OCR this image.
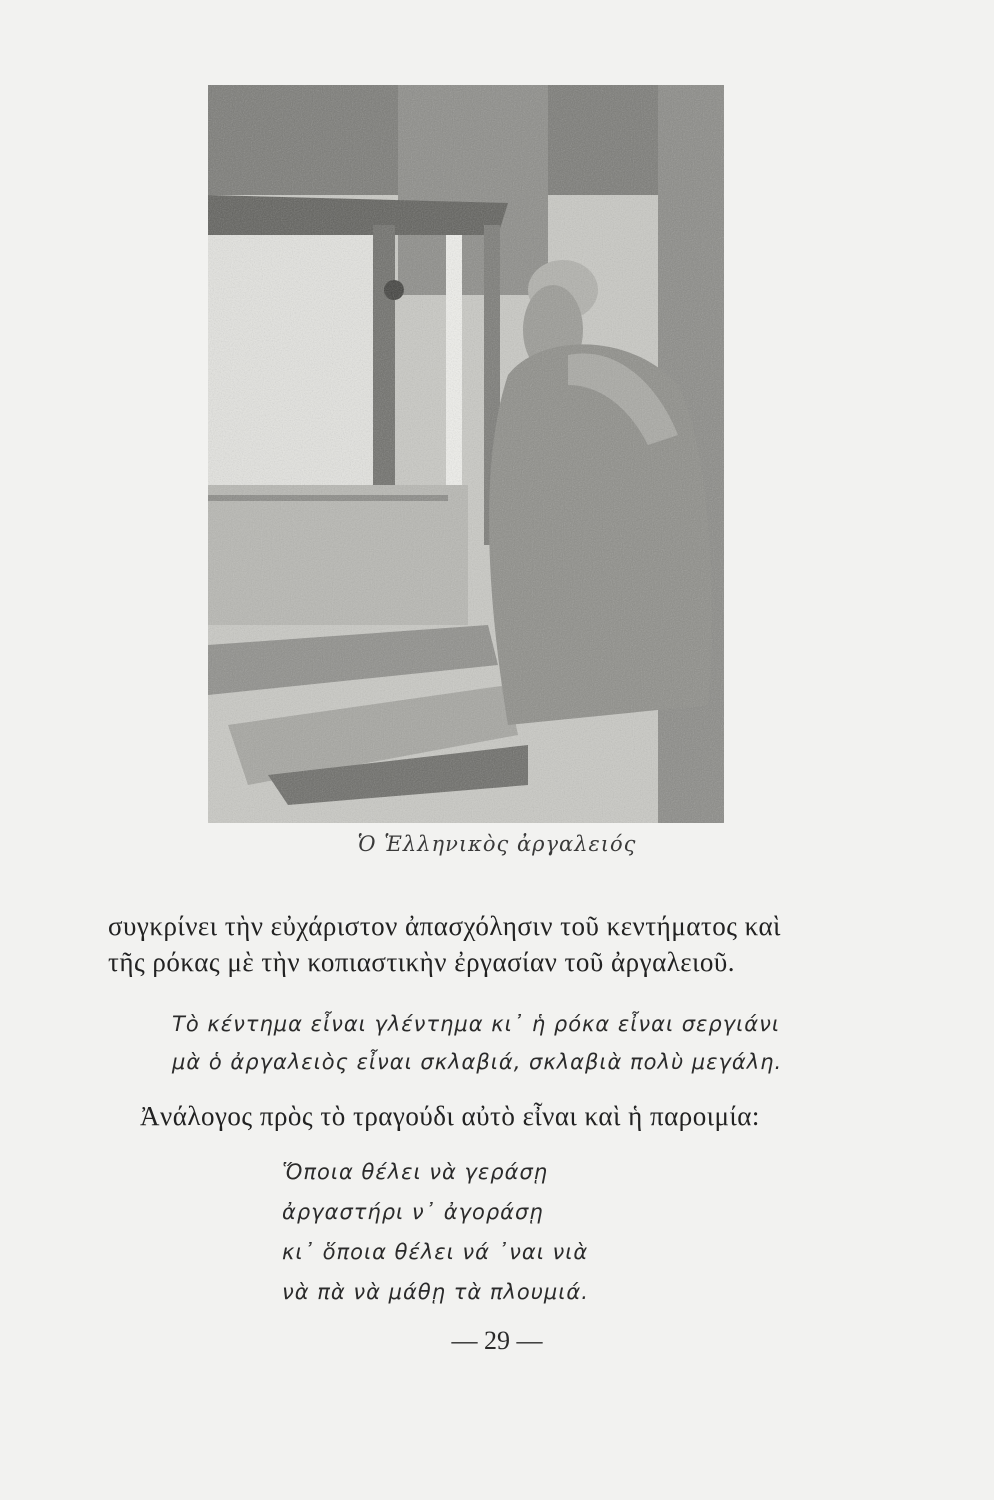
Ὁ Ἑλληνικὸς ἀργαλειός
συγκρίνει τὴν εὐχάριστον ἀπασχόλησιν τοῦ κεντήματος καὶ
τῆς ρόκας μὲ τὴν κοπιαστικὴν ἐργασίαν τοῦ ἀργαλειοῦ.
Τὸ κέντημα εἶναι γλέντημα κι᾽ ἡ ρόκα εἶναι σεργιάνι
μὰ ὁ ἀργαλειὸς εἶναι σκλαβιά, σκλαβιὰ πολὺ μεγάλη.
Ἀνάλογος πρὸς τὸ τραγούδι αὐτὸ εἶναι καὶ ἡ παροιμία:
Ὅποια θέλει νὰ γεράσῃ
ἀργαστήρι ν᾽ ἀγοράσῃ
κι᾽ ὅποια θέλει νά ᾽ναι νιὰ
νὰ πὰ νὰ μάθῃ τὰ πλουμιά.
— 29 —
